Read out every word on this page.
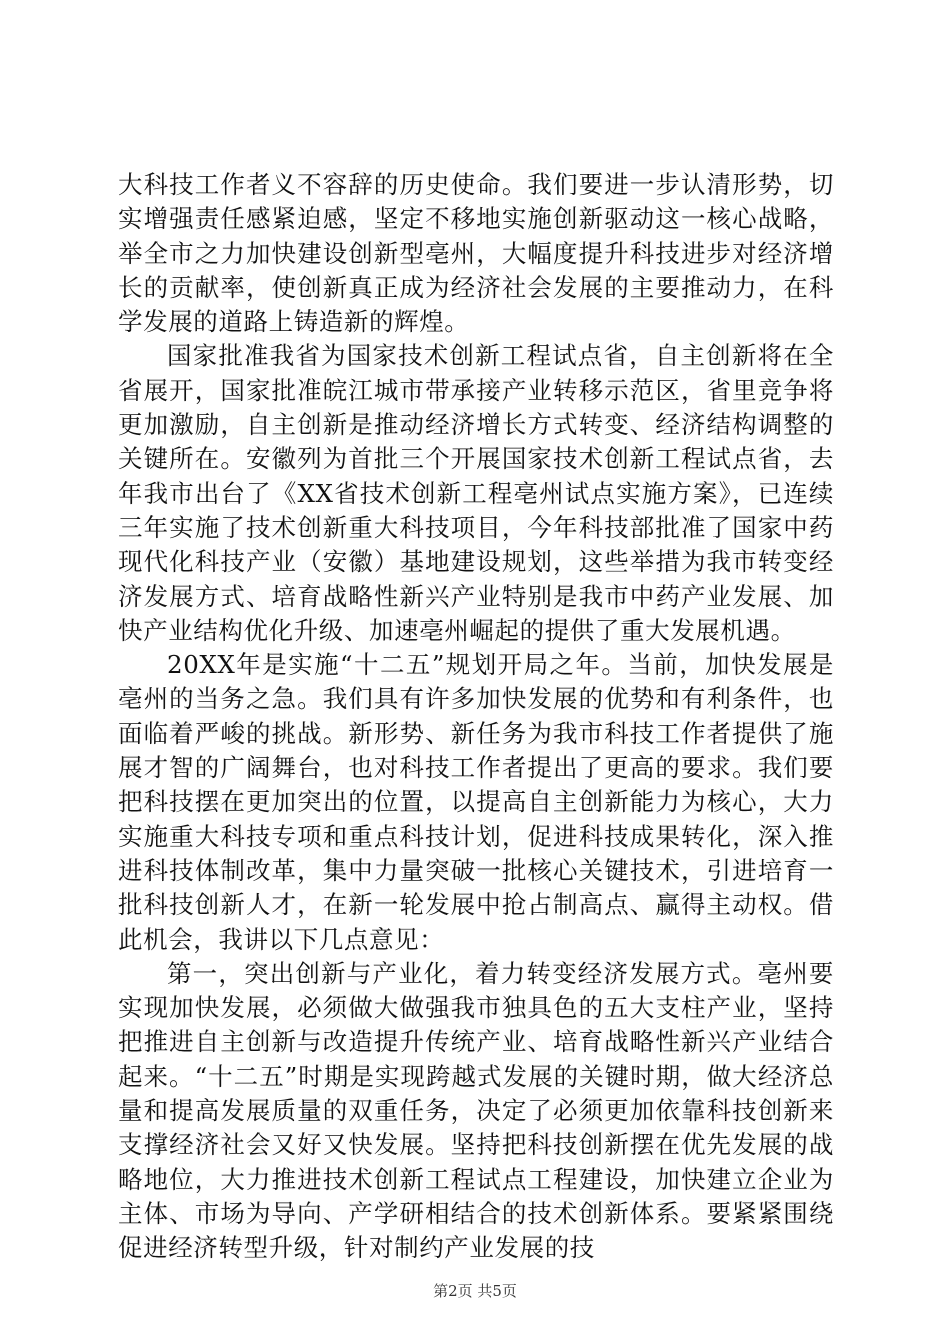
大科技工作者义不容辞的历史使命。我们要进一步认清形势，切实增强责任感紧迫感，坚定不移地实施创新驱动这一核心战略，举全市之力加快建设创新型亳州，大幅度提升科技进步对经济增长的贡献率，使创新真正成为经济社会发展的主要推动力，在科学发展的道路上铸造新的辉煌。

国家批准我省为国家技术创新工程试点省，自主创新将在全省展开，国家批准皖江城市带承接产业转移示范区，省里竞争将更加激励，自主创新是推动经济增长方式转变、经济结构调整的关键所在。安徽列为首批三个开展国家技术创新工程试点省，去年我市出台了《XX省技术创新工程亳州试点实施方案》，已连续三年实施了技术创新重大科技项目，今年科技部批准了国家中药现代化科技产业（安徽）基地建设规划，这些举措为我市转变经济发展方式、培育战略性新兴产业特别是我市中药产业发展、加快产业结构优化升级、加速亳州崛起的提供了重大发展机遇。

20XX年是实施“十二五”规划开局之年。当前，加快发展是亳州的当务之急。我们具有许多加快发展的优势和有利条件，也面临着严峻的挑战。新形势、新任务为我市科技工作者提供了施展才智的广阔舞台，也对科技工作者提出了更高的要求。我们要把科技摆在更加突出的位置，以提高自主创新能力为核心，大力实施重大科技专项和重点科技计划，促进科技成果转化，深入推进科技体制改革，集中力量突破一批核心关键技术，引进培育一批科技创新人才，在新一轮发展中抢占制高点、赢得主动权。借此机会，我讲以下几点意见：

第一，突出创新与产业化，着力转变经济发展方式。亳州要实现加快发展，必须做大做强我市独具色的五大支柱产业，坚持把推进自主创新与改造提升传统产业、培育战略性新兴产业结合起来。“十二五”时期是实现跨越式发展的关键时期，做大经济总量和提高发展质量的双重任务，决定了必须更加依靠科技创新来支撑经济社会又好又快发展。坚持把科技创新摆在优先发展的战略地位，大力推进技术创新工程试点工程建设，加快建立企业为主体、市场为导向、产学研相结合的技术创新体系。要紧紧围绕促进经济转型升级，针对制约产业发展的技

第2页 共5页
